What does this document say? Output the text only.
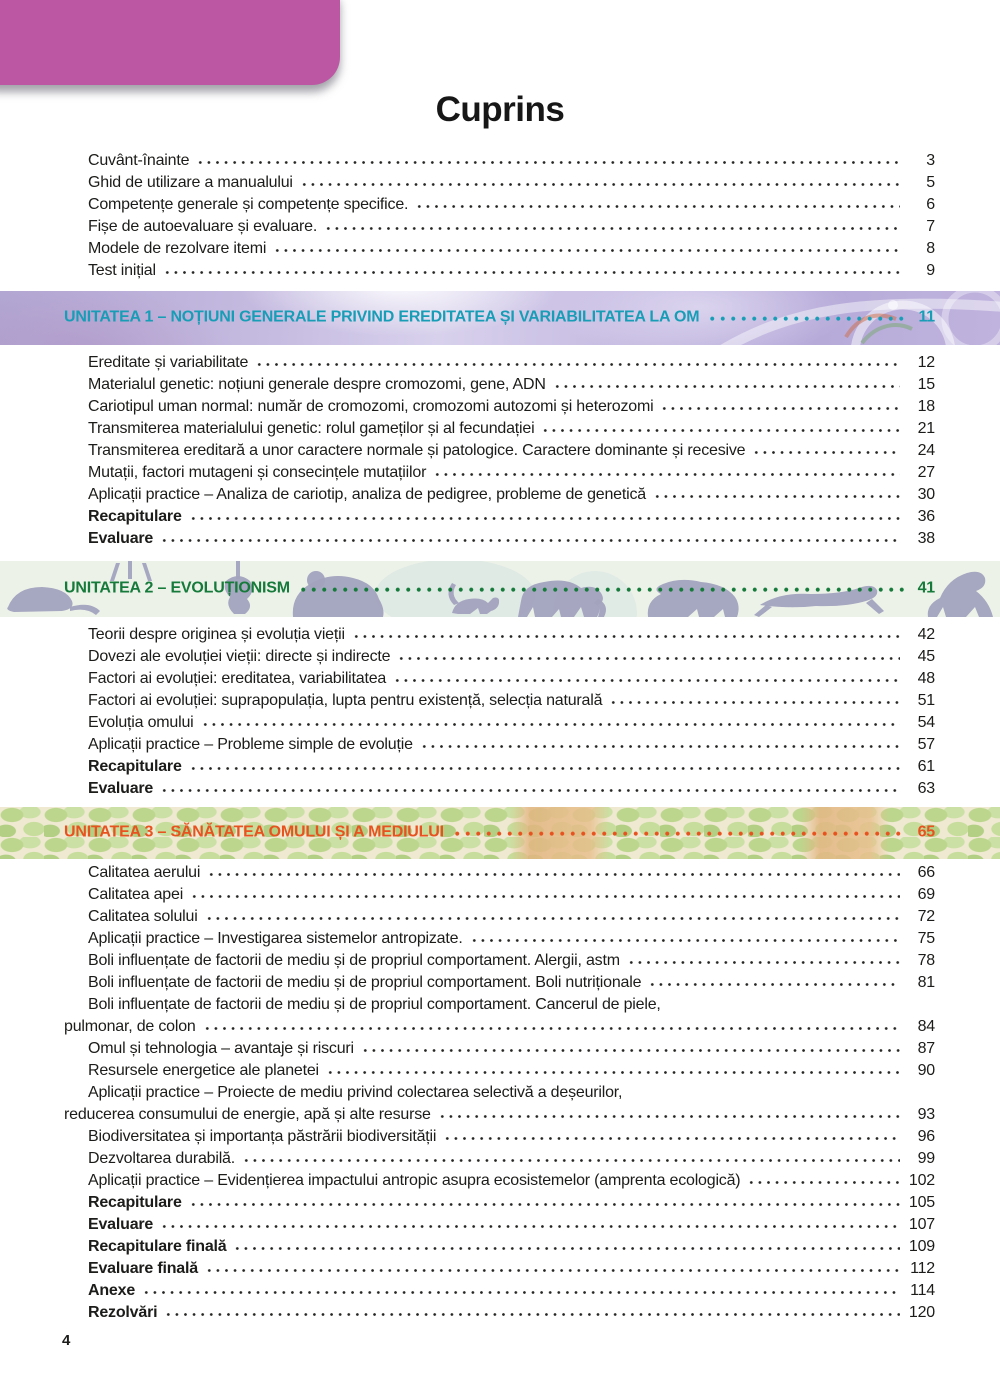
Cuprins
Cuvânt-înainte	3
Ghid de utilizare a manualului	5
Competențe generale și competențe specifice.	6
Fișe de autoevaluare și evaluare.	7
Modele de rezolvare itemi	8
Test inițial	9
UNITATEA 1 – NOȚIUNI GENERALE PRIVIND EREDITATEA ȘI VARIABILITATEA LA OM	11
Ereditate și variabilitate	12
Materialul genetic: noțiuni generale despre cromozomi, gene, ADN	15
Cariotipul uman normal: număr de cromozomi, cromozomi autozomi și heterozomi	18
Transmiterea materialului genetic: rolul gameților și al fecundației	21
Transmiterea ereditară a unor caractere normale și patologice. Caractere dominante și recesive	24
Mutații, factori mutageni și consecințele mutațiilor	27
Aplicații practice – Analiza de cariotip, analiza de pedigree, probleme de genetică	30
Recapitulare	36
Evaluare	38
UNITATEA 2 – EVOLUȚIONISM	41
Teorii despre originea și evoluția vieții	42
Dovezi ale evoluției vieții: directe și indirecte	45
Factori ai evoluției: ereditatea, variabilitatea	48
Factori ai evoluției: suprapopulația, lupta pentru existență, selecția naturală	51
Evoluția omului	54
Aplicații practice – Probleme simple de evoluție	57
Recapitulare	61
Evaluare	63
UNITATEA 3 – SĂNĂTATEA OMULUI ȘI A MEDIULUI	65
Calitatea aerului	66
Calitatea apei	69
Calitatea solului	72
Aplicații practice – Investigarea sistemelor antropizate.	75
Boli influențate de factorii de mediu și de propriul comportament. Alergii, astm	78
Boli influențate de factorii de mediu și de propriul comportament. Boli nutriționale	81
Boli influențate de factorii de mediu și de propriul comportament. Cancerul de piele,
pulmonar, de colon	84
Omul și tehnologia – avantaje și riscuri	87
Resursele energetice ale planetei	90
Aplicații practice – Proiecte de mediu privind colectarea selectivă a deșeurilor,
reducerea consumului de energie, apă și alte resurse	93
Biodiversitatea și importanța păstrării biodiversității	96
Dezvoltarea durabilă.	99
Aplicații practice – Evidențierea impactului antropic asupra ecosistemelor (amprenta ecologică)	102
Recapitulare	105
Evaluare	107
Recapitulare finală	109
Evaluare finală	112
Anexe	114
Rezolvări	120
4
